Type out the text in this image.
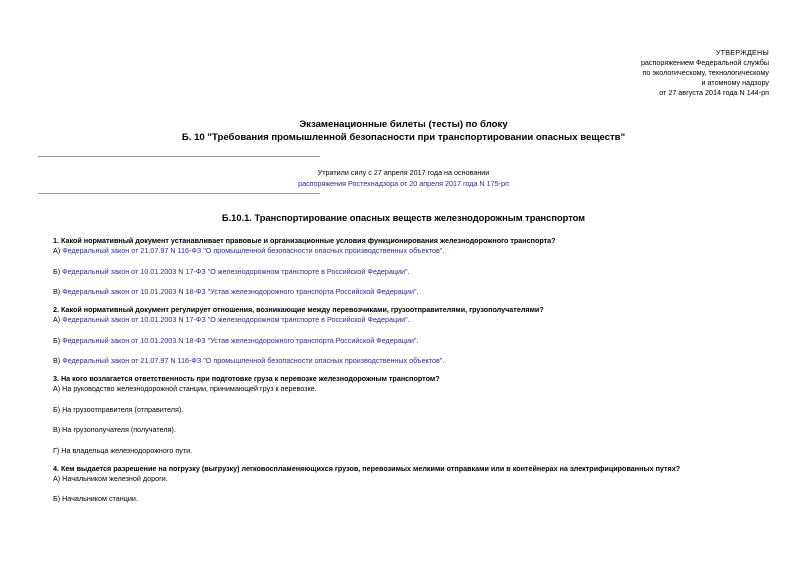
УТВЕРЖДЕНЫ
распоряжением Федеральной службы
по экологическому, технологическому
и атомному надзору
от 27 августа 2014 года N 144-рп
Экзаменационные билеты (тесты) по блоку
Б. 10 "Требования промышленной безопасности при транспортировании опасных веществ"
Утратили силу с 27 апреля 2017 года на основании
распоряжения Ростехнадзора от 20 апреля 2017 года N 175-рп
Б.10.1. Транспортирование опасных веществ железнодорожным транспортом

1. Какой нормативный документ устанавливает правовые и организационные условия функционирования железнодорожного транспорта?

А) Федеральный закон от 21.07.97 N 116-ФЗ "О промышленной безопасности опасных производственных объектов".

Б) Федеральный закон от 10.01.2003 N 17-ФЗ "О железнодорожном транспорте в Российской Федерации".

В) Федеральный закон от 10.01.2003 N 18-ФЗ "Устав железнодорожного транспорта Российской Федерации".

2. Какой нормативный документ регулирует отношения, возникающие между перевозчиками, грузоотправителями, грузополучателями?

А) Федеральный закон от 10.01.2003 N 17-ФЗ "О железнодорожном транспорте в Российской Федерации".

Б) Федеральный закон от 10.01.2003 N 18-ФЗ "Устав железнодорожного транспорта Российской Федерации".

В) Федеральный закон от 21.07.97 N 116-ФЗ "О промышленной безопасности опасных производственных объектов".

3. На кого возлагается ответственность при подготовке груза к перевозке железнодорожным транспортом?

А) На руководство железнодорожной станции, принимающей груз к перевозке.

Б) На грузоотправителя (отправителя).

В) На грузополучателя (получателя).

Г) На владельца железнодорожного пути.

4. Кем выдается разрешение на погрузку (выгрузку) легковоспламеняющихся грузов, перевозимых мелкими отправками или в контейнерах на электрифицированных путях?

А) Начальником железной дороги.

Б) Начальником станции.
